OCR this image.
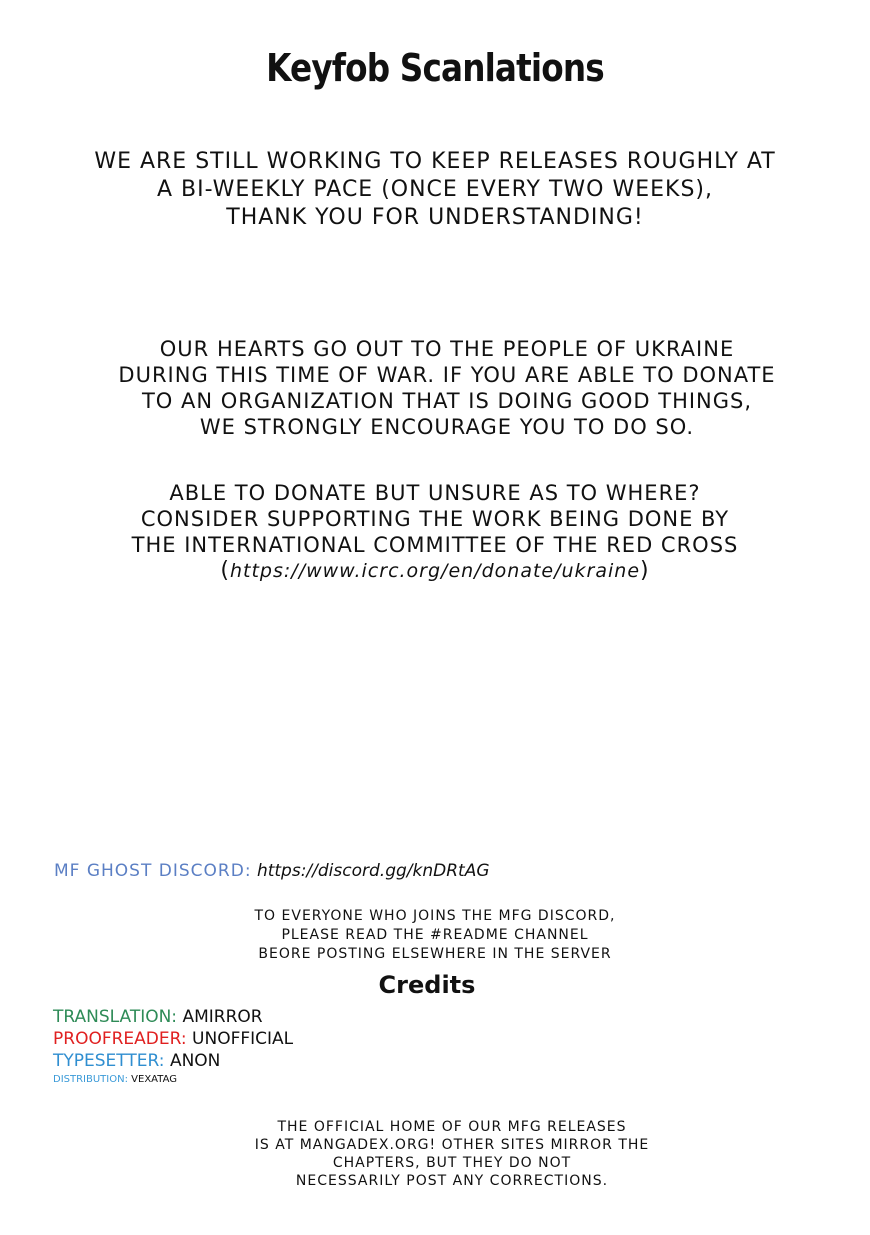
Keyfob Scanlations
WE ARE STILL WORKING TO KEEP RELEASES ROUGHLY AT
A BI-WEEKLY PACE (ONCE EVERY TWO WEEKS),
THANK YOU FOR UNDERSTANDING!
OUR HEARTS GO OUT TO THE PEOPLE OF UKRAINE
DURING THIS TIME OF WAR. IF YOU ARE ABLE TO DONATE
TO AN ORGANIZATION THAT IS DOING GOOD THINGS,
WE STRONGLY ENCOURAGE YOU TO DO SO.
ABLE TO DONATE BUT UNSURE AS TO WHERE?
CONSIDER SUPPORTING THE WORK BEING DONE BY
THE INTERNATIONAL COMMITTEE OF THE RED CROSS
(https://www.icrc.org/en/donate/ukraine)
MF GHOST DISCORD: https://discord.gg/knDRtAG
TO EVERYONE WHO JOINS THE MFG DISCORD,
PLEASE READ THE #README CHANNEL
BEORE POSTING ELSEWHERE IN THE SERVER
Credits
TRANSLATION: AMIRROR
PROOFREADER: UNOFFICIAL
TYPESETTER: ANON
DISTRIBUTION: VEXATAG
THE OFFICIAL HOME OF OUR MFG RELEASES
IS AT MANGADEX.ORG! OTHER SITES MIRROR THE
CHAPTERS, BUT THEY DO NOT
NECESSARILY POST ANY CORRECTIONS.
